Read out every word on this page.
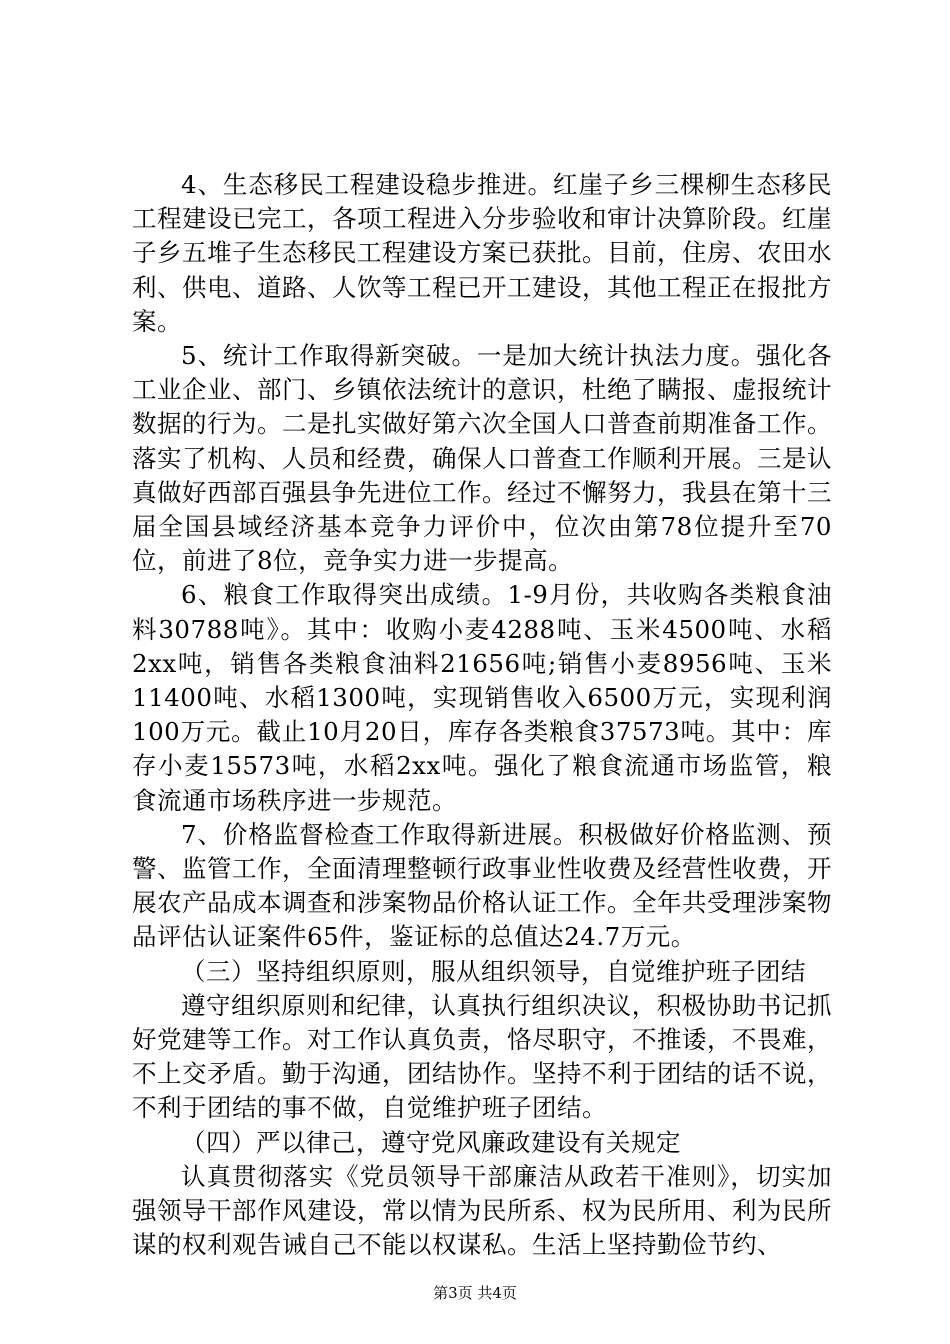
4、生态移民工程建设稳步推进。红崖子乡三棵柳生态移民工程建设已完工，各项工程进入分步验收和审计决算阶段。红崖子乡五堆子生态移民工程建设方案已获批。目前，住房、农田水利、供电、道路、人饮等工程已开工建设，其他工程正在报批方案。

5、统计工作取得新突破。一是加大统计执法力度。强化各工业企业、部门、乡镇依法统计的意识，杜绝了瞒报、虚报统计数据的行为。二是扎实做好第六次全国人口普查前期准备工作。落实了机构、人员和经费，确保人口普查工作顺利开展。三是认真做好西部百强县争先进位工作。经过不懈努力，我县在第十三届全国县域经济基本竞争力评价中，位次由第78位提升至70位，前进了8位，竞争实力进一步提高。

6、粮食工作取得突出成绩。1-9月份，共收购各类粮食油料30788吨》。其中：收购小麦4288吨、玉米4500吨、水稻2xx吨，销售各类粮食油料21656吨;销售小麦8956吨、玉米11400吨、水稻1300吨，实现销售收入6500万元，实现利润100万元。截止10月20日，库存各类粮食37573吨。其中：库存小麦15573吨，水稻2xx吨。强化了粮食流通市场监管，粮食流通市场秩序进一步规范。

7、价格监督检查工作取得新进展。积极做好价格监测、预警、监管工作，全面清理整顿行政事业性收费及经营性收费，开展农产品成本调查和涉案物品价格认证工作。全年共受理涉案物品评估认证案件65件，鉴证标的总值达24.7万元。

（三）坚持组织原则，服从组织领导，自觉维护班子团结

遵守组织原则和纪律，认真执行组织决议，积极协助书记抓好党建等工作。对工作认真负责，恪尽职守，不推诿，不畏难，不上交矛盾。勤于沟通，团结协作。坚持不利于团结的话不说，不利于团结的事不做，自觉维护班子团结。

（四）严以律己，遵守党风廉政建设有关规定

认真贯彻落实《党员领导干部廉洁从政若干准则》，切实加强领导干部作风建设，常以情为民所系、权为民所用、利为民所谋的权利观告诫自己不能以权谋私。生活上坚持勤俭节约、

第3页 共4页
